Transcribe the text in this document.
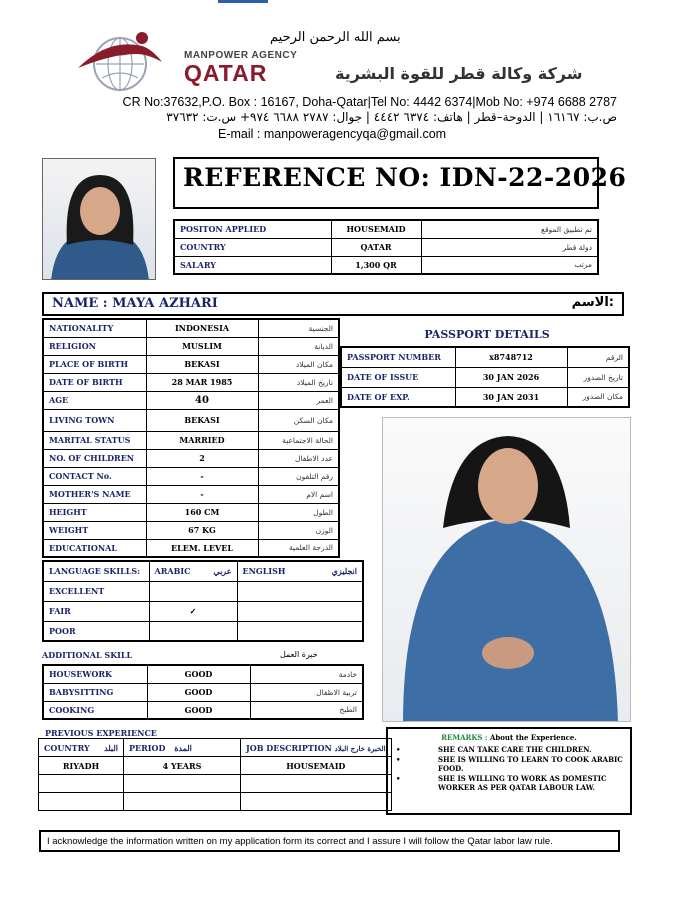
بسم الله الرحمن الرحيم
MANPOWER AGENCY
QATAR	شركة وكالة قطر للقوة البشرية
CR No:37632,P.O. Box : 16167, Doha-Qatar|Tel No: 4442 6374|Mob No: +974 6688 2787
ص.ب: ١٦١٦٧ | الدوحة–قطر | هاتف: ٦٣٧٤ ٤٤٤٢ | جوال: ٢٧٨٧ ٦٦٨٨ ٩٧٤+ س.ت: ٣٧٦٣٢
E-mail : manpoweragencyqa@gmail.com
REFERENCE NO: IDN-22-2026
POSITON APPLIED	HOUSEMAID	تم تطبيق الموقع
COUNTRY	QATAR	دولة قطر
SALARY	1,300 QR	مرتب
NAME : MAYA AZHARI	الاسم:
NATIONALITY	INDONESIA	الجنسية
RELIGION	MUSLIM	الديانة
PLACE OF BIRTH	BEKASI	مكان الميلاد
DATE OF BIRTH	28 MAR 1985	تاريخ الميلاد
AGE	40	العمر
LIVING TOWN	BEKASI	مكان السكن
MARITAL STATUS	MARRIED	الحالة الاجتماعية
NO. OF CHILDREN	2	عدد الاطفال
CONTACT No.	-	رقم التلفون
MOTHER'S NAME	-	اسم الام
HEIGHT	160 CM	الطول
WEIGHT	67 KG	الوزن
EDUCATIONAL	ELEM. LEVEL	الدرجة العلمية
PASSPORT DETAILS
PASSPORT NUMBER	x8748712	الرقم
DATE OF ISSUE	30 JAN 2026	تاريخ الصدور
DATE OF EXP.	30 JAN 2031	مكان الصدور
LANGUAGE SKILLS:	ARABIC عربي	ENGLISH انجليزي

EXCELLENT		
FAIR	✓	
POOR		
ADDITIONAL SKILL	خبرة العمل
HOUSEWORK	GOOD	خادمة
BABYSITTING	GOOD	تربية الاطفال
COOKING	GOOD	الطبخ
PREVIOUS EXPERIENCE
COUNTRY البلد	PERIOD المدة	JOB DESCRIPTION الخبرة خارج البلاد
RIYADH	4 YEARS	HOUSEMAID

REMARKS : About the Experience.
• SHE CAN TAKE CARE THE CHILDREN.
• SHE IS WILLING TO LEARN TO COOK ARABIC FOOD.
• SHE IS WILLING TO WORK AS DOMESTIC WORKER AS PER QATAR LABOUR LAW.
I acknowledge the information written on my application form its correct and I assure I will follow the Qatar labor law rule.
